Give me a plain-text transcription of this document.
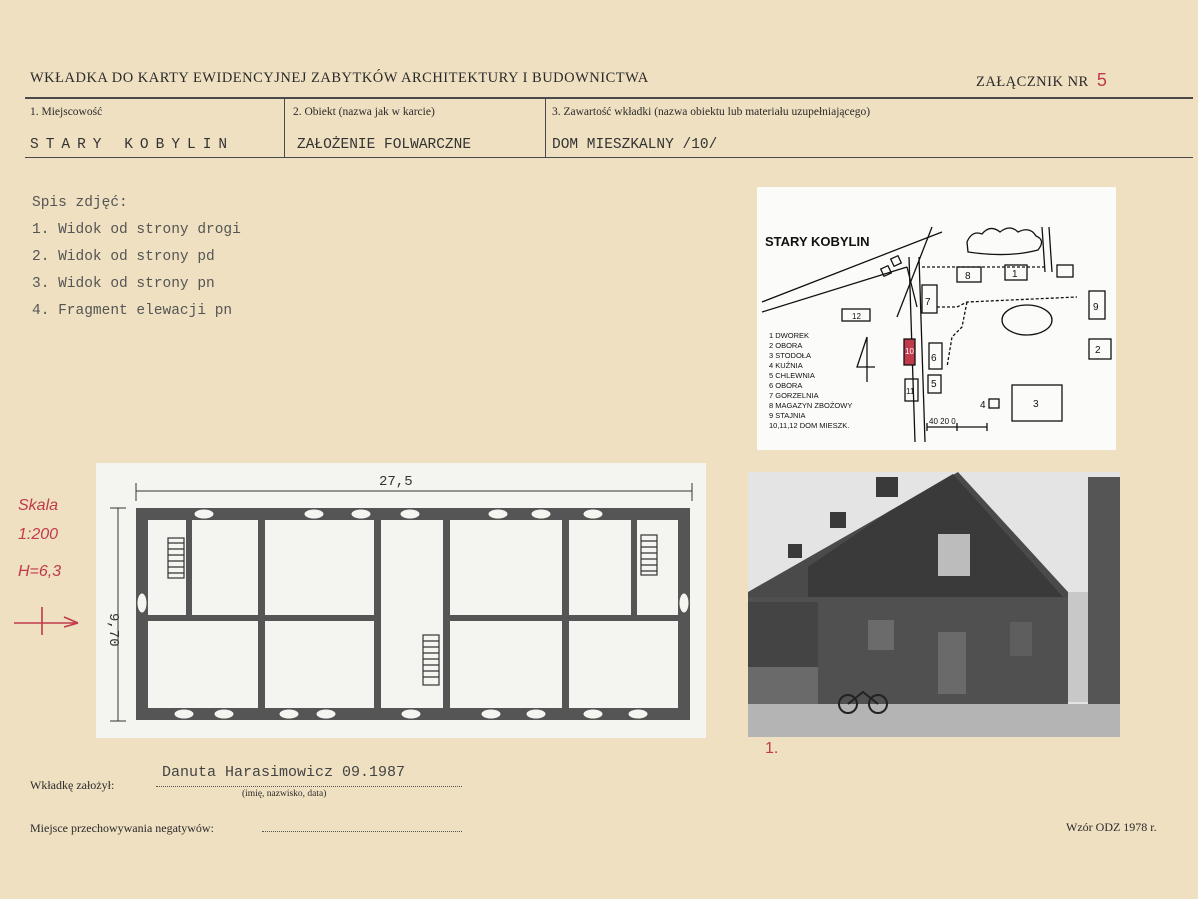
WKŁADKA DO KARTY EWIDENCYJNEJ ZABYTKÓW ARCHITEKTURY I BUDOWNICTWA	ZAŁĄCZNIK NR 5
1. Miejscowość	2. Obiekt (nazwa jak w karcie)	3. Zawartość wkładki (nazwa obiektu lub materiału uzupełniającego)
STARY KOBYLIN	ZAŁOŻENIE FOLWARCZNE	DOM MIESZKALNY /10/
Spis zdjęć:
1. Widok od strony drogi
2. Widok od strony pd
3. Widok od strony pn
4. Fragment elewacji pn
8	1
7
12
9
2
6
5
11
10
3
4
STARY KOBYLIN
1 DWOREK
2 OBORA
3 STODOŁA
4 KUŹNIA
5 CHLEWNIA
6 OBORA
7 GORZELNIA
8 MAGAZYN ZBOŻOWY
9 STAJNIA
10,11,12 DOM MIESZK.	40 20 0
Skala
1:200
H=6,3
27,5
9,70
1.
Wkładkę założył:
Danuta Harasimowicz 09.1987
(imię, nazwisko, data)
Miejsce przechowywania negatywów:	Wzór ODZ 1978 r.
